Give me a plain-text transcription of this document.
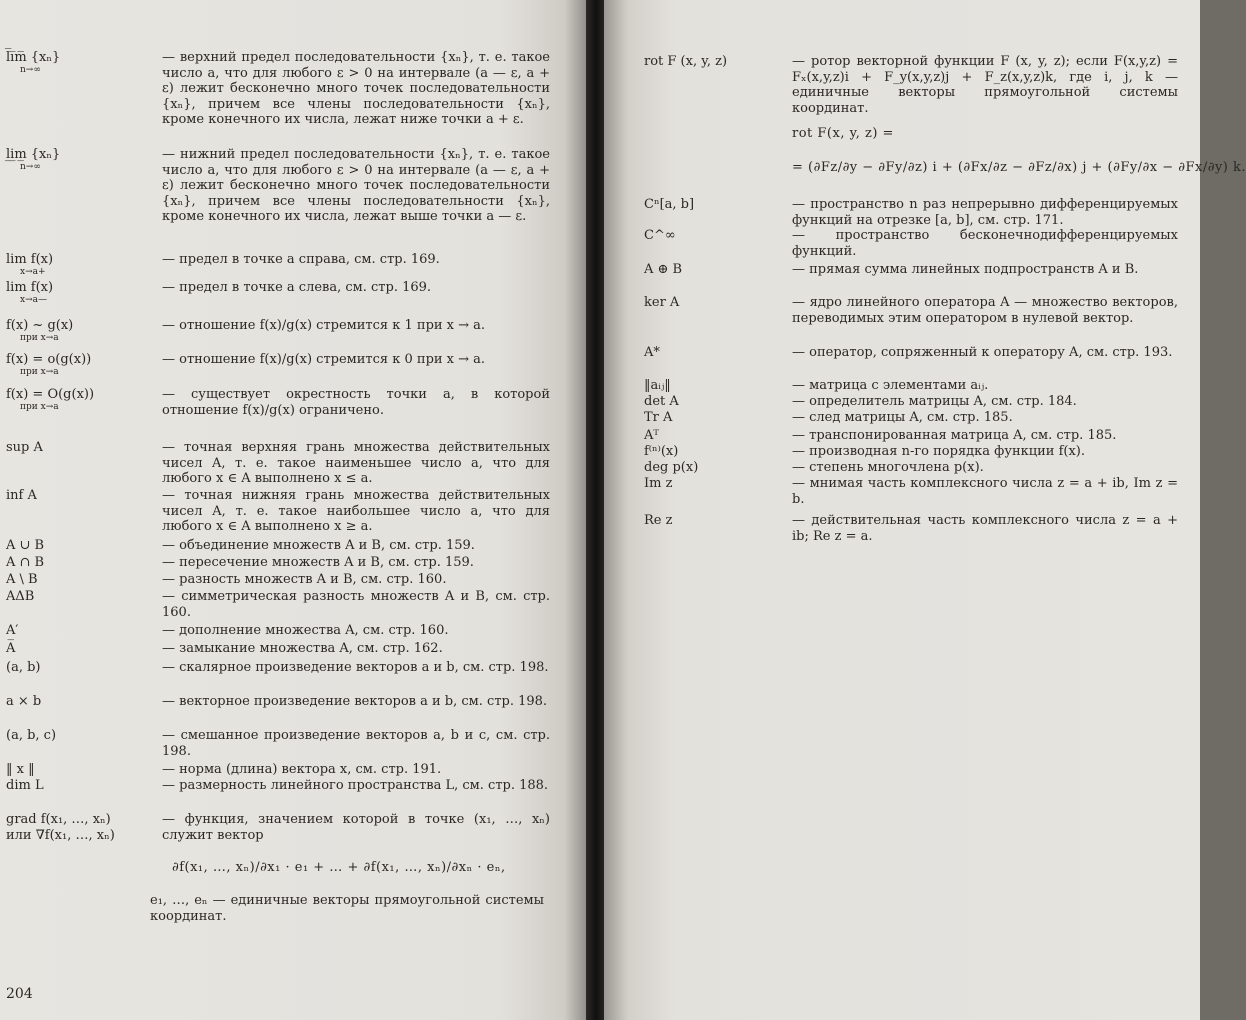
l̅i̅m̅ {xₙ}
n→∞
— верхний предел последовательности {xₙ}, т. е. такое число a, что для любого ε > 0 на интервале (a — ε, a + ε) лежит бесконечно много точек последовательности {xₙ}, причем все члены последовательности {xₙ}, кроме конечного их числа, лежат ниже точки a + ε.
l̲i̲m̲ {xₙ}
n→∞
— нижний предел последовательности {xₙ}, т. е. такое число a, что для любого ε > 0 на интервале (a — ε, a + ε) лежит бесконечно много точек последовательности {xₙ}, причем все члены последовательности {xₙ}, кроме конечного их числа, лежат выше точки a — ε.
lim f(x)
x→a+
— предел в точке a справа, см. стр. 169.
lim f(x)
x→a—
— предел в точке a слева, см. стр. 169.
f(x) ~ g(x)
при x→a
— отношение f(x)/g(x) стремится к 1 при x → a.
f(x) = o(g(x))
при x→a
— отношение f(x)/g(x) стремится к 0 при x → a.
f(x) = O(g(x))
при x→a
— существует окрестность точки a, в которой отношение f(x)/g(x) ограничено.
sup A	— точная верхняя грань множества действительных чисел A, т. е. такое наименьшее число a, что для любого x ∈ A выполнено x ≤ a.
inf A	— точная нижняя грань множества действительных чисел A, т. е. такое наибольшее число a, что для любого x ∈ A выполнено x ≥ a.
A ∪ B	— объединение множеств A и B, см. стр. 159.
A ∩ B	— пересечение множеств A и B, см. стр. 159.
A \ B	— разность множеств A и B, см. стр. 160.
AΔB	— симметрическая разность множеств A и B, см. стр. 160.
A′	— дополнение множества A, см. стр. 160.
A̅	— замыкание множества A, см. стр. 162.
(a, b)	— скалярное произведение векторов a и b, см. стр. 198.
a × b	— векторное произведение векторов a и b, см. стр. 198.
(a, b, c)	— смешанное произведение векторов a, b и c, см. стр. 198.
‖ x ‖	— норма (длина) вектора x, см. стр. 191.
dim L	— размерность линейного пространства L, см. стр. 188.
grad f(x₁, …, xₙ)	— функция, значением которой в точке (x₁, …, xₙ) служит вектор
или ∇f(x₁, …, xₙ)
∂f(x₁, …, xₙ)/∂x₁ · e₁ + … + ∂f(x₁, …, xₙ)/∂xₙ · eₙ,
e₁, …, eₙ — единичные векторы прямоугольной системы координат.
204
rot F (x, y, z)	— ротор векторной функции F (x, y, z); если F(x,y,z) = Fₓ(x,y,z)i + F_y(x,y,z)j + F_z(x,y,z)k, где i, j, k — единичные векторы прямоугольной системы координат.
rot F(x, y, z) =
= (∂Fz/∂y − ∂Fy/∂z) i + (∂Fx/∂z − ∂Fz/∂x) j + (∂Fy/∂x − ∂Fx/∂y) k.
Cⁿ[a, b]	— пространство n раз непрерывно дифференцируемых функций на отрезке [a, b], см. стр. 171.
C^∞	— пространство бесконечнодифференцируемых функций.
A ⊕ B	— прямая сумма линейных подпространств A и B.
ker A	— ядро линейного оператора A — множество векторов, переводимых этим оператором в нулевой вектор.
A*	— оператор, сопряженный к оператору A, см. стр. 193.
‖aᵢⱼ‖	— матрица с элементами aᵢⱼ.
det A	— определитель матрицы A, см. стр. 184.
Tr A	— след матрицы A, см. стр. 185.
Aᵀ	— транспонированная матрица A, см. стр. 185.
f⁽ⁿ⁾(x)	— производная n-го порядка функции f(x).
deg p(x)	— степень многочлена p(x).
Im z	— мнимая часть комплексного числа z = a + ib, Im z = b.
Re z	— действительная часть комплексного числа z = a + ib; Re z = a.
